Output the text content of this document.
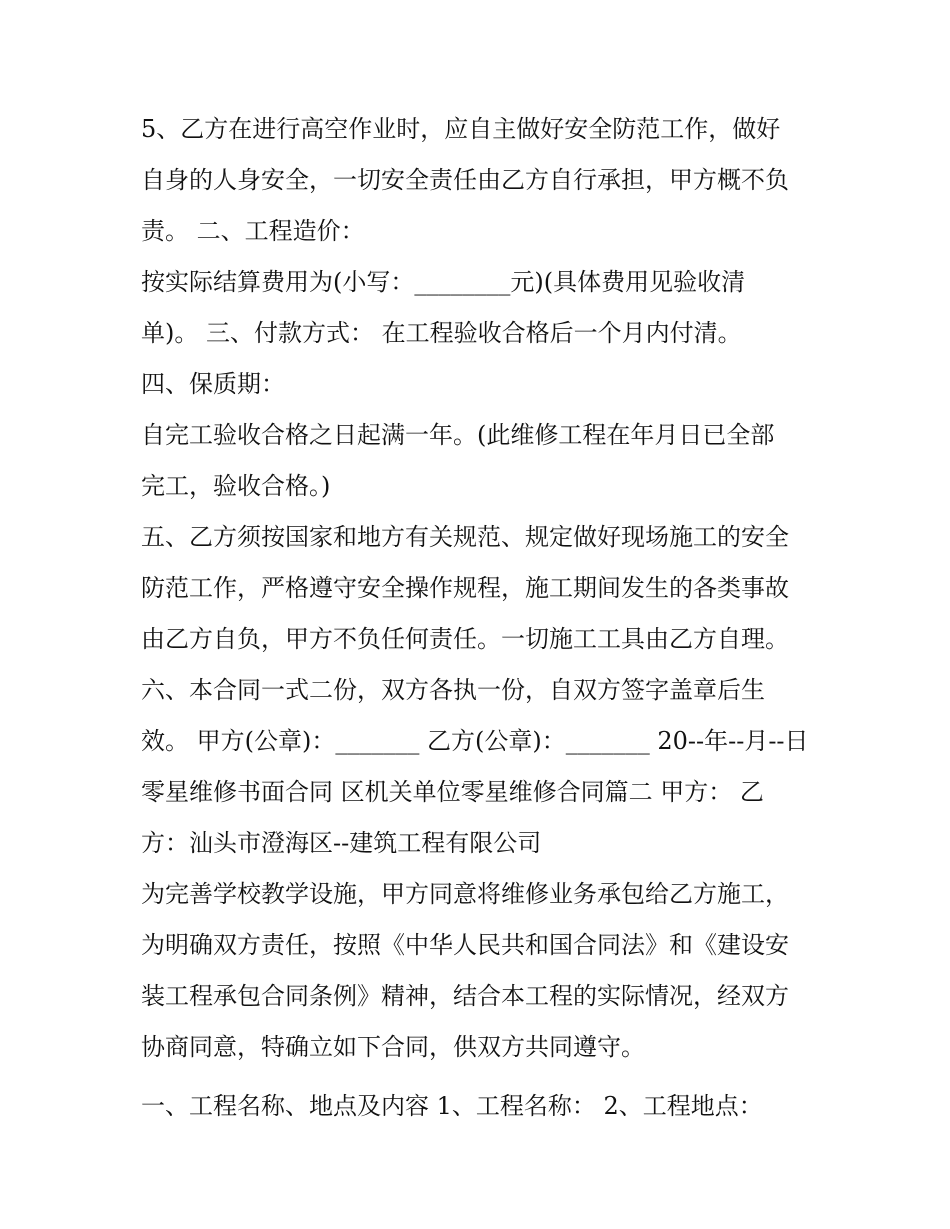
5、乙方在进行高空作业时，应自主做好安全防范工作，做好
自身的人身安全，一切安全责任由乙方自行承担，甲方概不负
责。 二、工程造价：
按实际结算费用为(小写：________元)(具体费用见验收清
单)。 三、付款方式： 在工程验收合格后一个月内付清。
四、保质期：
自完工验收合格之日起满一年。(此维修工程在年月日已全部
完工，验收合格。)
五、乙方须按国家和地方有关规范、规定做好现场施工的安全
防范工作，严格遵守安全操作规程，施工期间发生的各类事故
由乙方自负，甲方不负任何责任。一切施工工具由乙方自理。
六、本合同一式二份，双方各执一份，自双方签字盖章后生
效。 甲方(公章)：_______ 乙方(公章)：_______ 20--年--月--日
零星维修书面合同 区机关单位零星维修合同篇二 甲方： 乙
方：汕头市澄海区--建筑工程有限公司
为完善学校教学设施，甲方同意将维修业务承包给乙方施工，
为明确双方责任，按照《中华人民共和国合同法》和《建设安
装工程承包合同条例》精神，结合本工程的实际情况，经双方
协商同意，特确立如下合同，供双方共同遵守。
一、工程名称、地点及内容 1、工程名称： 2、工程地点：
